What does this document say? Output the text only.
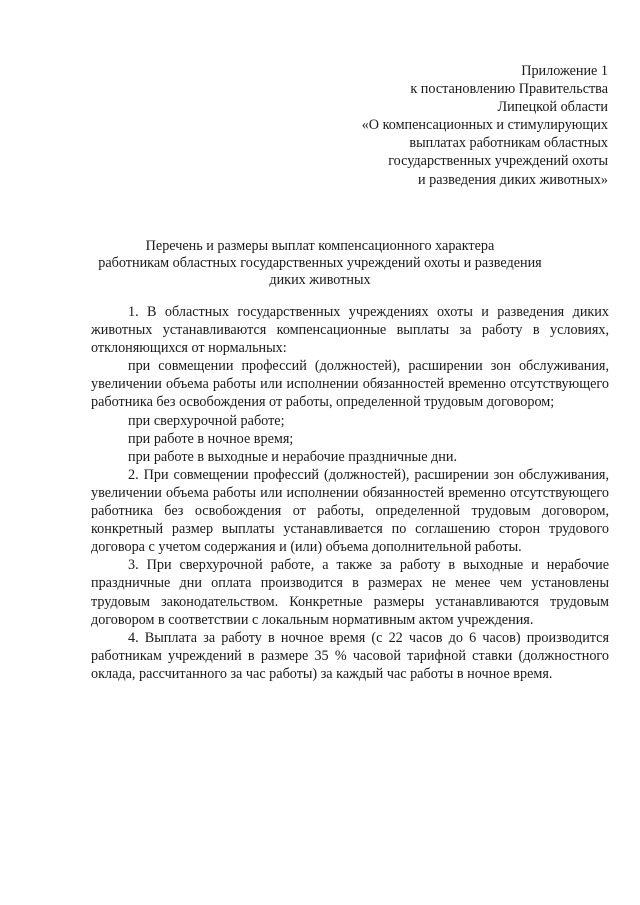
Приложение 1
к постановлению Правительства
Липецкой области
«О компенсационных и стимулирующих
выплатах работникам областных
государственных учреждений охоты
и разведения диких животных»
Перечень и размеры выплат компенсационного характера
работникам областных государственных учреждений охоты и разведения
диких животных

1. В областных государственных учреждениях охоты и разведения диких животных устанавливаются компенсационные выплаты за работу в условиях, отклоняющихся от нормальных:

при совмещении профессий (должностей), расширении зон обслуживания, увеличении объема работы или исполнении обязанностей временно отсутствующего работника без освобождения от работы, определенной трудовым договором;

при сверхурочной работе;

при работе в ночное время;

при работе в выходные и нерабочие праздничные дни.

2. При совмещении профессий (должностей), расширении зон обслуживания, увеличении объема работы или исполнении обязанностей временно отсутствующего работника без освобождения от работы, определенной трудовым договором, конкретный размер выплаты устанавливается по соглашению сторон трудового договора с учетом содержания и (или) объема дополнительной работы.

3. При сверхурочной работе, а также за работу в выходные и нерабочие праздничные дни оплата производится в размерах не менее чем установлены трудовым законодательством. Конкретные размеры устанавливаются трудовым договором в соответствии с локальным нормативным актом учреждения.

4. Выплата за работу в ночное время (с 22 часов до 6 часов) производится работникам учреждений в размере 35 % часовой тарифной ставки (должностного оклада, рассчитанного за час работы) за каждый час работы в ночное время.
